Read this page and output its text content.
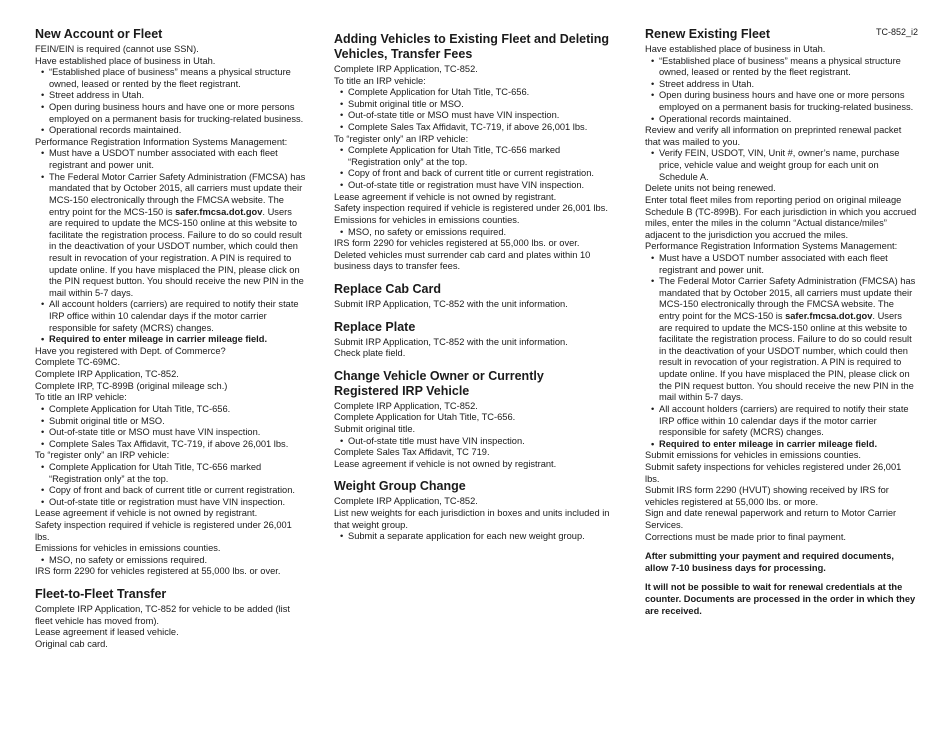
TC-852_i2
New Account or Fleet

FEIN/EIN is required (cannot use SSN).

Have established place of business in Utah.

• “Established place of business” means a physical structure owned, leased or rented by the fleet registrant.
• Street address in Utah.
• Open during business hours and have one or more persons employed on a permanent basis for trucking-related business.
• Operational records maintained.

Performance Registration Information Systems Management:

• Must have a USDOT number associated with each fleet registrant and power unit.
• The Federal Motor Carrier Safety Administration (FMCSA) has mandated that by October 2015, all carriers must update their MCS-150 electronically through the FMCSA website. The entry point for the MCS-150 is safer.fmcsa.dot.gov. Users are required to update the MCS-150 online at this website to facilitate the registration process. Failure to do so could result in the deactivation of your USDOT number, which could then result in revocation of your registration. A PIN is required to update online. If you have misplaced the PIN, please click on the PIN request button. You should receive the new PIN in the mail within 5-7 days.
• All account holders (carriers) are required to notify their state IRP office within 10 calendar days if the motor carrier responsible for safety (MCRS) changes.
• Required to enter mileage in carrier mileage field.

Have you registered with Dept. of Commerce?

Complete TC-69MC.

Complete IRP Application, TC-852.

Complete IRP, TC-899B (original mileage sch.)

To title an IRP vehicle:

• Complete Application for Utah Title, TC-656.
• Submit original title or MSO.
• Out-of-state title or MSO must have VIN inspection.
• Complete Sales Tax Affidavit, TC-719, if above 26,001 lbs.

To “register only” an IRP vehicle:

• Complete Application for Utah Title, TC-656 marked “Registration only” at the top.
• Copy of front and back of current title or current registration.
• Out-of-state title or registration must have VIN inspection.

Lease agreement if vehicle is not owned by registrant.

Safety inspection required if vehicle is registered under 26,001 lbs.

Emissions for vehicles in emissions counties.

• MSO, no safety or emissions required.

IRS form 2290 for vehicles registered at 55,000 lbs. or over.

Fleet-to-Fleet Transfer

Complete IRP Application, TC-852 for vehicle to be added (list fleet vehicle has moved from).

Lease agreement if leased vehicle.

Original cab card.

Adding Vehicles to Existing Fleet and Deleting Vehicles, Transfer Fees

Complete IRP Application, TC-852.

To title an IRP vehicle:

• Complete Application for Utah Title, TC-656.
• Submit original title or MSO.
• Out-of-state title or MSO must have VIN inspection.
• Complete Sales Tax Affidavit, TC-719, if above 26,001 lbs.

To “register only” an IRP vehicle:

• Complete Application for Utah Title, TC-656 marked “Registration only” at the top.
• Copy of front and back of current title or current registration.
• Out-of-state title or registration must have VIN inspection.

Lease agreement if vehicle is not owned by registrant.

Safety inspection required if vehicle is registered under 26,001 lbs.

Emissions for vehicles in emissions counties.

• MSO, no safety or emissions required.

IRS form 2290 for vehicles registered at 55,000 lbs. or over.

Deleted vehicles must surrender cab card and plates within 10 business days to transfer fees.

Replace Cab Card

Submit IRP Application, TC-852 with the unit information.

Replace Plate

Submit IRP Application, TC-852 with the unit information.

Check plate field.

Change Vehicle Owner or Currently Registered IRP Vehicle

Complete IRP Application, TC-852.

Complete Application for Utah Title, TC-656.

Submit original title.

• Out-of-state title must have VIN inspection.

Complete Sales Tax Affidavit, TC 719.

Lease agreement if vehicle is not owned by registrant.

Weight Group Change

Complete IRP Application, TC-852.

List new weights for each jurisdiction in boxes and units included in that weight group.

• Submit a separate application for each new weight group.
Renew Existing Fleet

Have established place of business in Utah.

• “Established place of business” means a physical structure owned, leased or rented by the fleet registrant.
• Street address in Utah.
• Open during business hours and have one or more persons employed on a permanent basis for trucking-related business.
• Operational records maintained.

Review and verify all information on preprinted renewal packet that was mailed to you.

• Verify FEIN, USDOT, VIN, Unit #, owner’s name, purchase price, vehicle value and weight group for each unit on Schedule A.

Delete units not being renewed.

Enter total fleet miles from reporting period on original mileage Schedule B (TC-899B). For each jurisdiction in which you accrued miles, enter the miles in the column “Actual distance/miles” adjacent to the jurisdiction you accrued the miles.

Performance Registration Information Systems Management:

• Must have a USDOT number associated with each fleet registrant and power unit.
• The Federal Motor Carrier Safety Administration (FMCSA) has mandated that by October 2015, all carriers must update their MCS-150 electronically through the FMCSA website. The entry point for the MCS-150 is safer.fmcsa.dot.gov. Users are required to update the MCS-150 online at this website to facilitate the registration process. Failure to do so could result in the deactivation of your USDOT number, which could then result in revocation of your registration. A PIN is required to update online. If you have misplaced the PIN, please click on the PIN request button. You should receive the new PIN in the mail within 5-7 days.
• All account holders (carriers) are required to notify their state IRP office within 10 calendar days if the motor carrier responsible for safety (MCRS) changes.
• Required to enter mileage in carrier mileage field.

Submit emissions for vehicles in emissions counties.

Submit safety inspections for vehicles registered under 26,001 lbs.

Submit IRS form 2290 (HVUT) showing received by IRS for vehicles registered at 55,000 lbs. or more.

Sign and date renewal paperwork and return to Motor Carrier Services.

Corrections must be made prior to final payment.

After submitting your payment and required documents, allow 7-10 business days for processing.

It will not be possible to wait for renewal credentials at the counter. Documents are processed in the order in which they are received.
